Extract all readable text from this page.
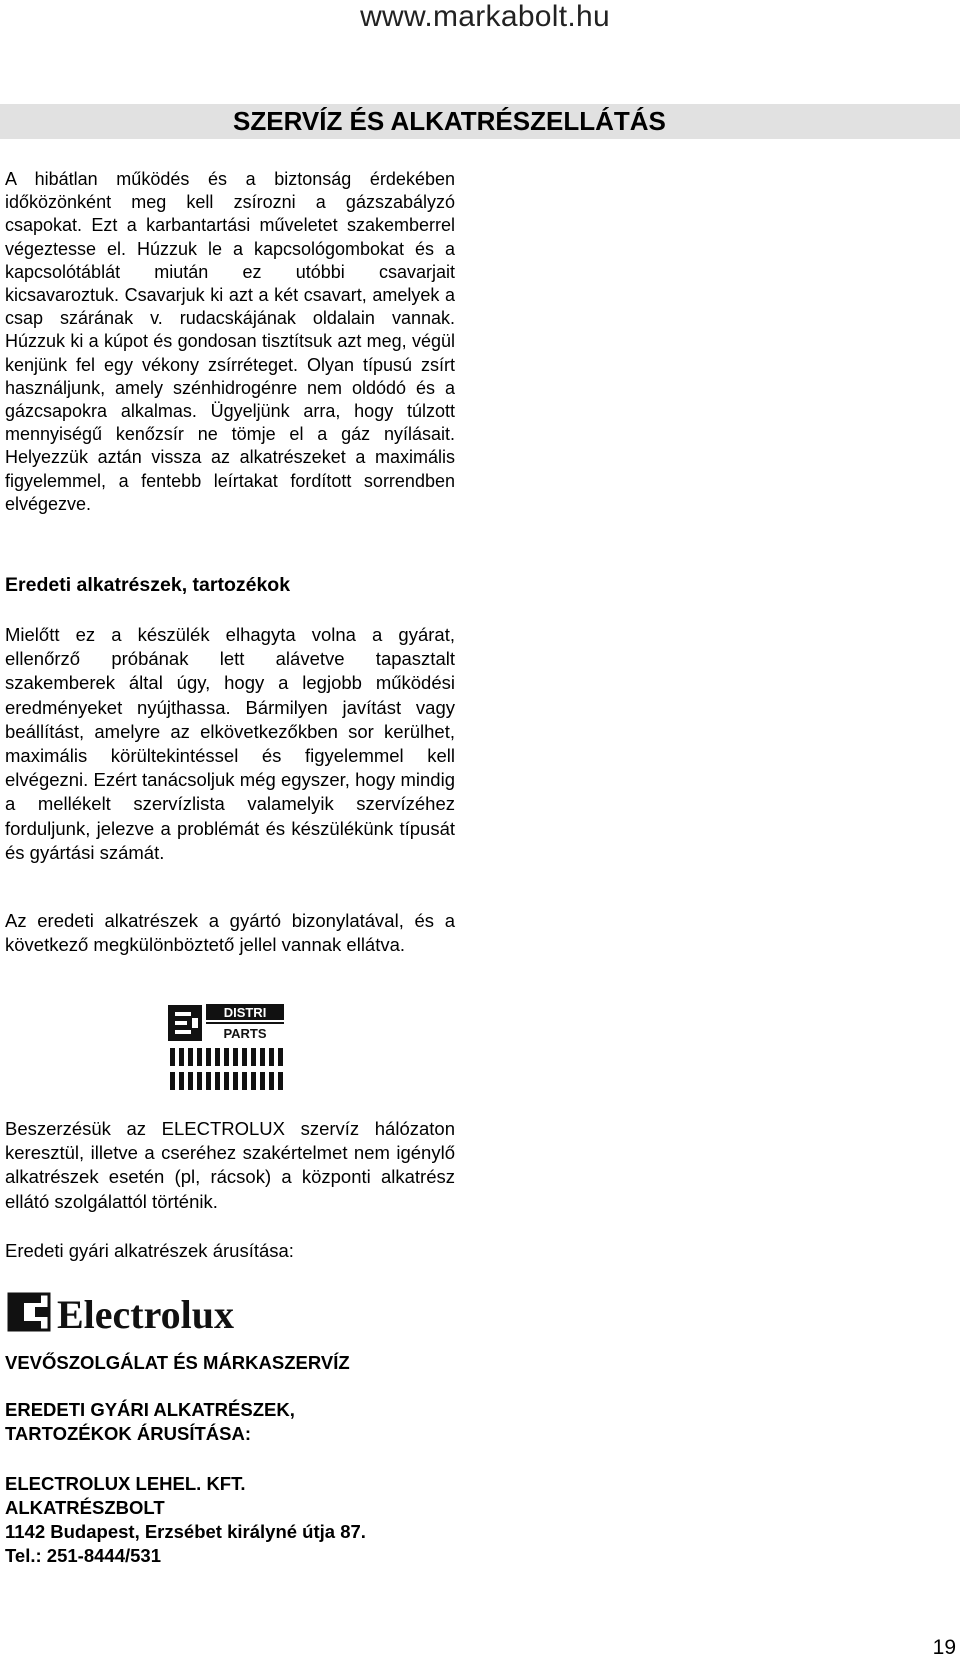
www.markabolt.hu
SZERVÍZ ÉS ALKATRÉSZELLÁTÁS

A hibátlan működés és a biztonság érdekében időközönként meg kell zsírozni a gázszabályzó csapokat. Ezt a karbantartási műveletet szakemberrel végeztesse el. Húzzuk le a kapcsológombokat és a kapcsolótáblát miután ez utóbbi csavarjait kicsavaroztuk. Csavarjuk ki azt a két csavart, amelyek a csap szárának v. rudacskájának oldalain vannak. Húzzuk ki a kúpot és gondosan tisztítsuk azt meg, végül kenjünk fel egy vékony zsírréteget. Olyan típusú zsírt használjunk, amely szénhidrogénre nem oldódó és a gázcsapokra alkalmas. Ügyeljünk arra, hogy túlzott mennyiségű kenőzsír ne tömje el a gáz nyílásait. Helyezzük aztán vissza az alkatrészeket a maximális figyelemmel, a fentebb leírtakat fordított sorrendben elvégezve.

Eredeti alkatrészek, tartozékok

Mielőtt ez a készülék elhagyta volna a gyárat, ellenőrző próbának lett alávetve tapasztalt szakemberek által úgy, hogy a legjobb működési eredményeket nyújthassa. Bármilyen javítást vagy beállítást, amelyre az elkövetkezőkben sor kerülhet, maximális körültekintéssel és figyelemmel kell elvégezni. Ezért tanácsoljuk még egyszer, hogy mindig a mellékelt szervízlista valamelyik szervízéhez forduljunk, jelezve a problémát és készülékünk típusát és gyártási számát.

Az eredeti alkatrészek a gyártó bizonylatával, és a következő megkülönböztető jellel vannak ellátva.

DISTRI
PARTS

Beszerzésük az ELECTROLUX szervíz hálózaton keresztül, illetve a cseréhez szakértelmet nem igénylő alkatrészek esetén (pl, rácsok) a központi alkatrész ellátó szolgálattól történik.

Eredeti gyári alkatrészek árusítása:
Electrolux
VEVŐSZOLGÁLAT ÉS MÁRKASZERVÍZ
EREDETI GYÁRI ALKATRÉSZEK,
TARTOZÉKOK ÁRUSÍTÁSA:
ELECTROLUX LEHEL. KFT.
ALKATRÉSZBOLT
1142 Budapest, Erzsébet királyné útja 87.
Tel.: 251-8444/531
19
